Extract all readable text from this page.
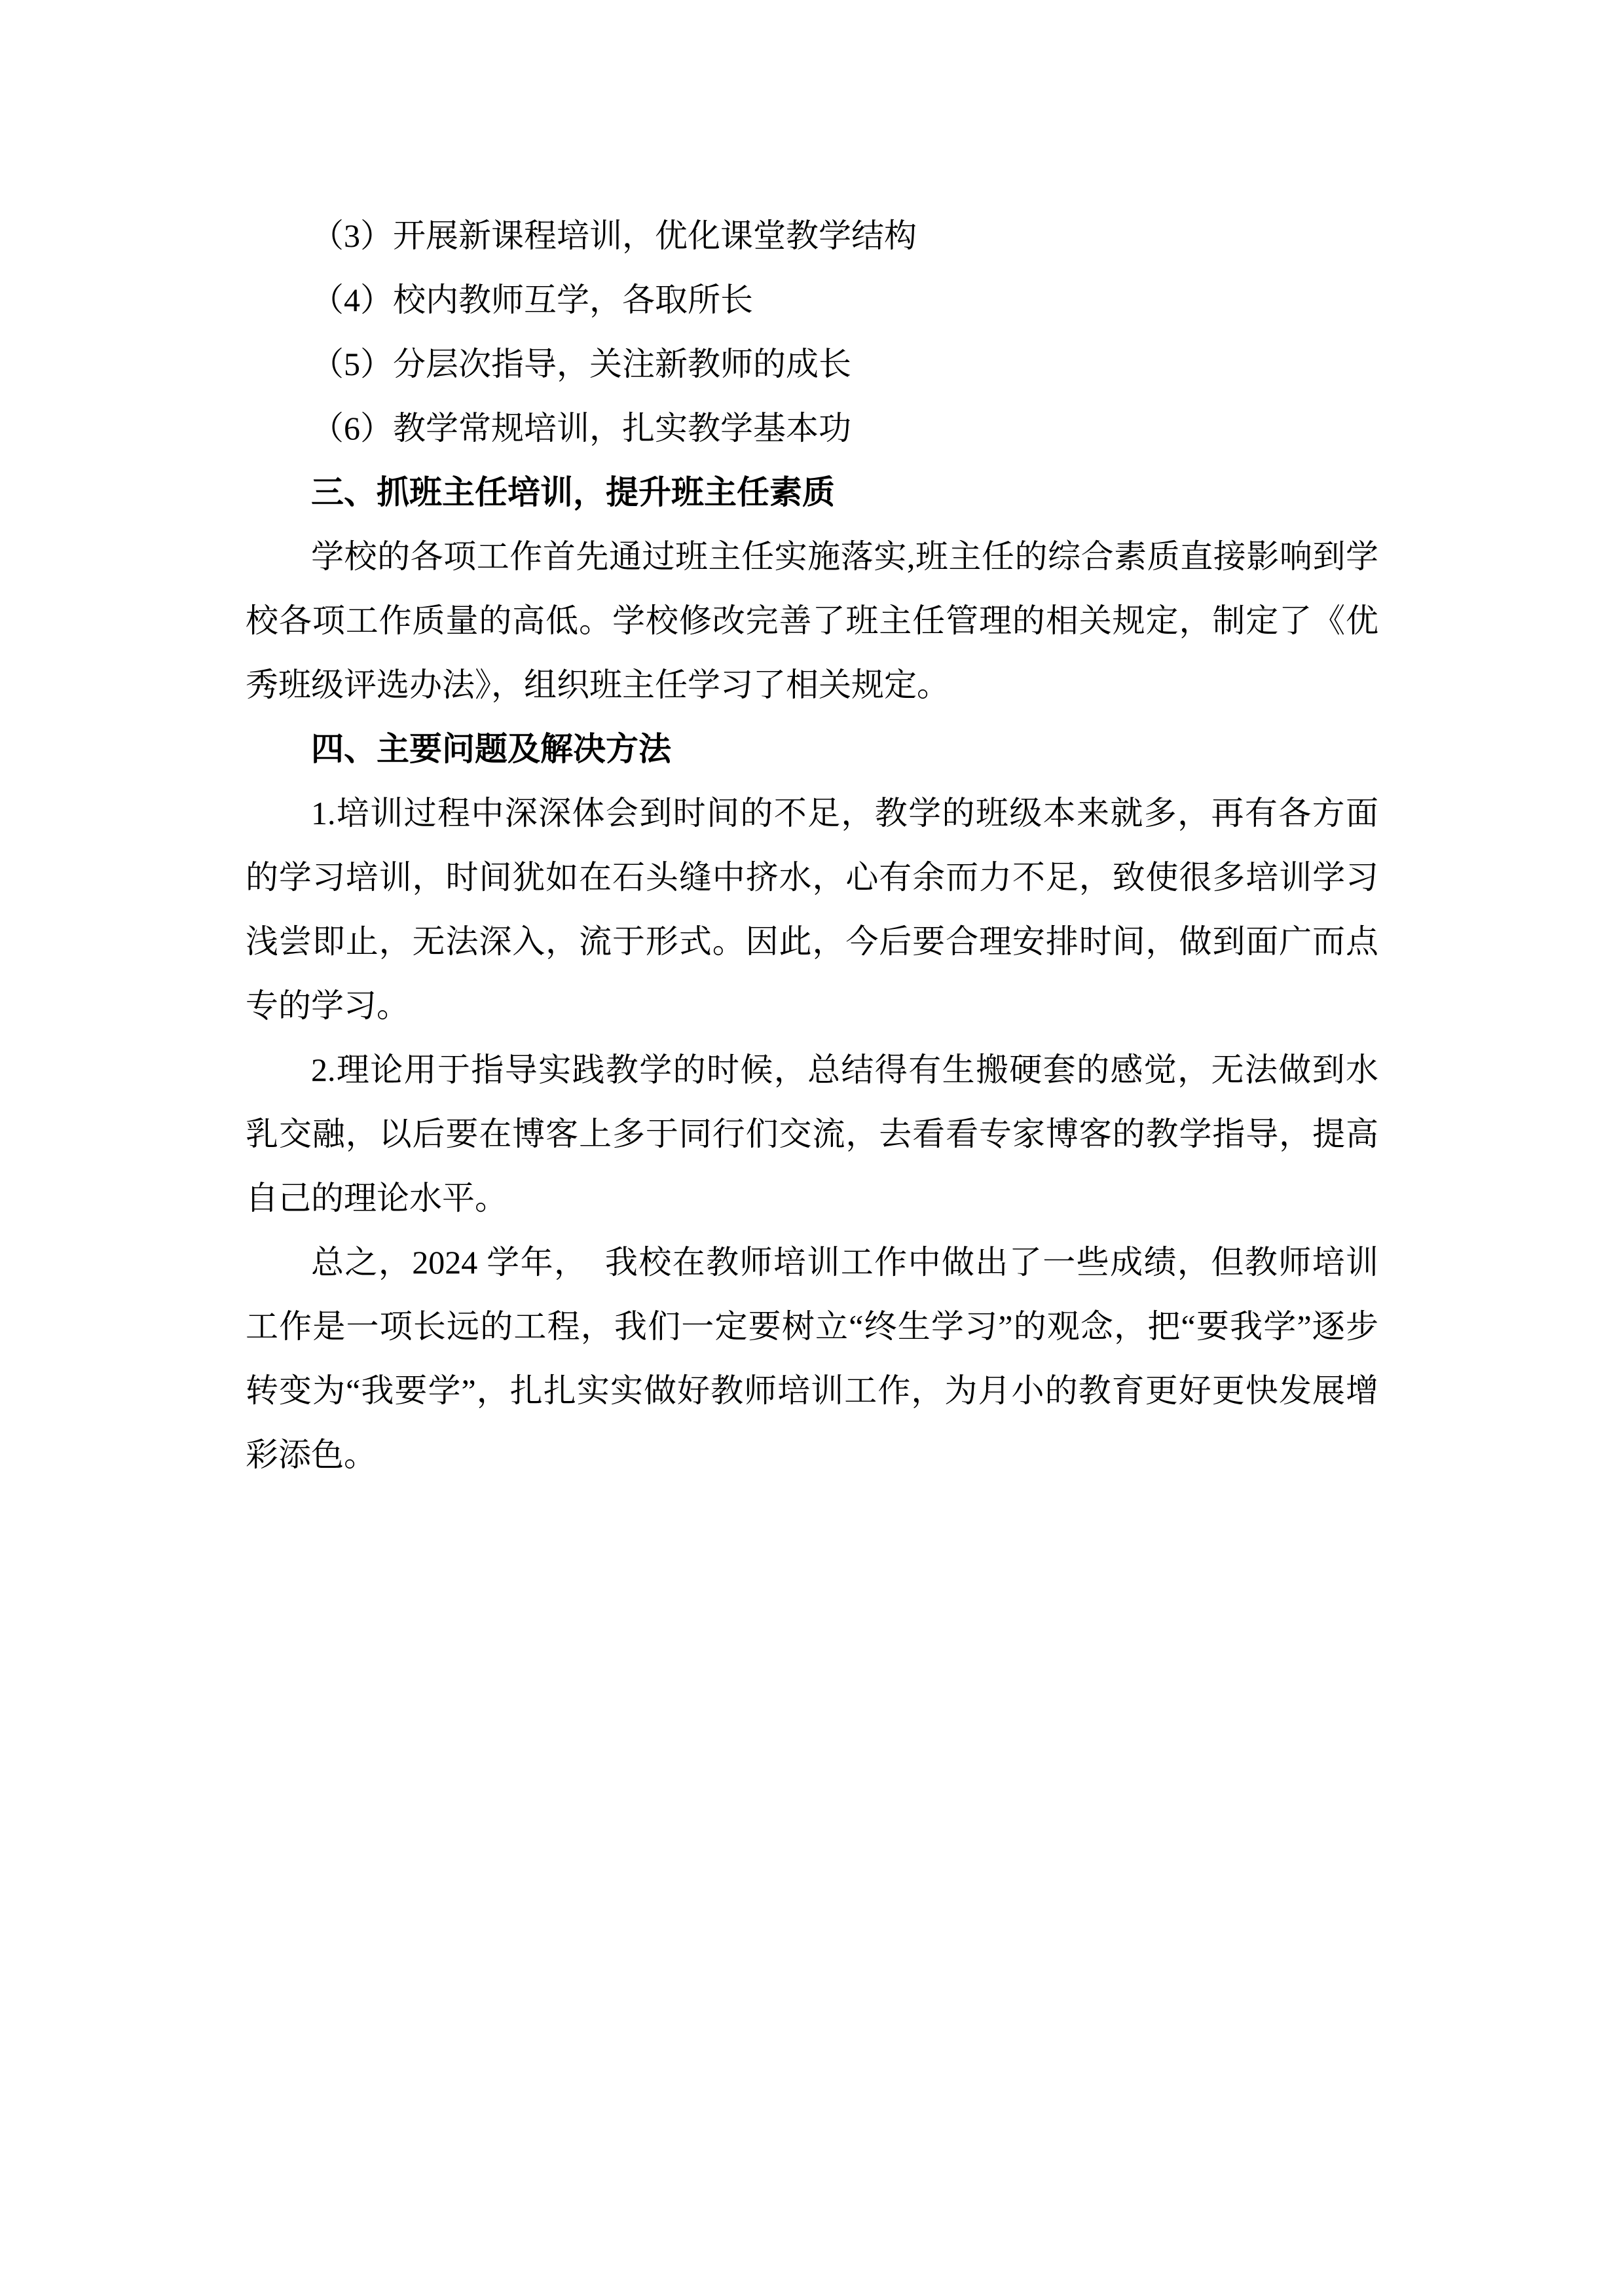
（3）开展新课程培训，优化课堂教学结构

（4）校内教师互学，各取所长

（5）分层次指导，关注新教师的成长

（6）教学常规培训，扎实教学基本功

三、抓班主任培训，提升班主任素质

学校的各项工作首先通过班主任实施落实,班主任的综合素质直接影响到学校各项工作质量的高低。学校修改完善了班主任管理的相关规定，制定了《优秀班级评选办法》，组织班主任学习了相关规定。

四、主要问题及解决方法

1.培训过程中深深体会到时间的不足，教学的班级本来就多，再有各方面的学习培训，时间犹如在石头缝中挤水，心有余而力不足，致使很多培训学习浅尝即止，无法深入，流于形式。因此，今后要合理安排时间，做到面广而点专的学习。

2.理论用于指导实践教学的时候，总结得有生搬硬套的感觉，无法做到水乳交融，以后要在博客上多于同行们交流，去看看专家博客的教学指导，提高自己的理论水平。

总之，2024 学年，　我校在教师培训工作中做出了一些成绩，但教师培训工作是一项长远的工程，我们一定要树立“终生学习”的观念，把“要我学”逐步转变为“我要学”，扎扎实实做好教师培训工作，为月小的教育更好更快发展增彩添色。
